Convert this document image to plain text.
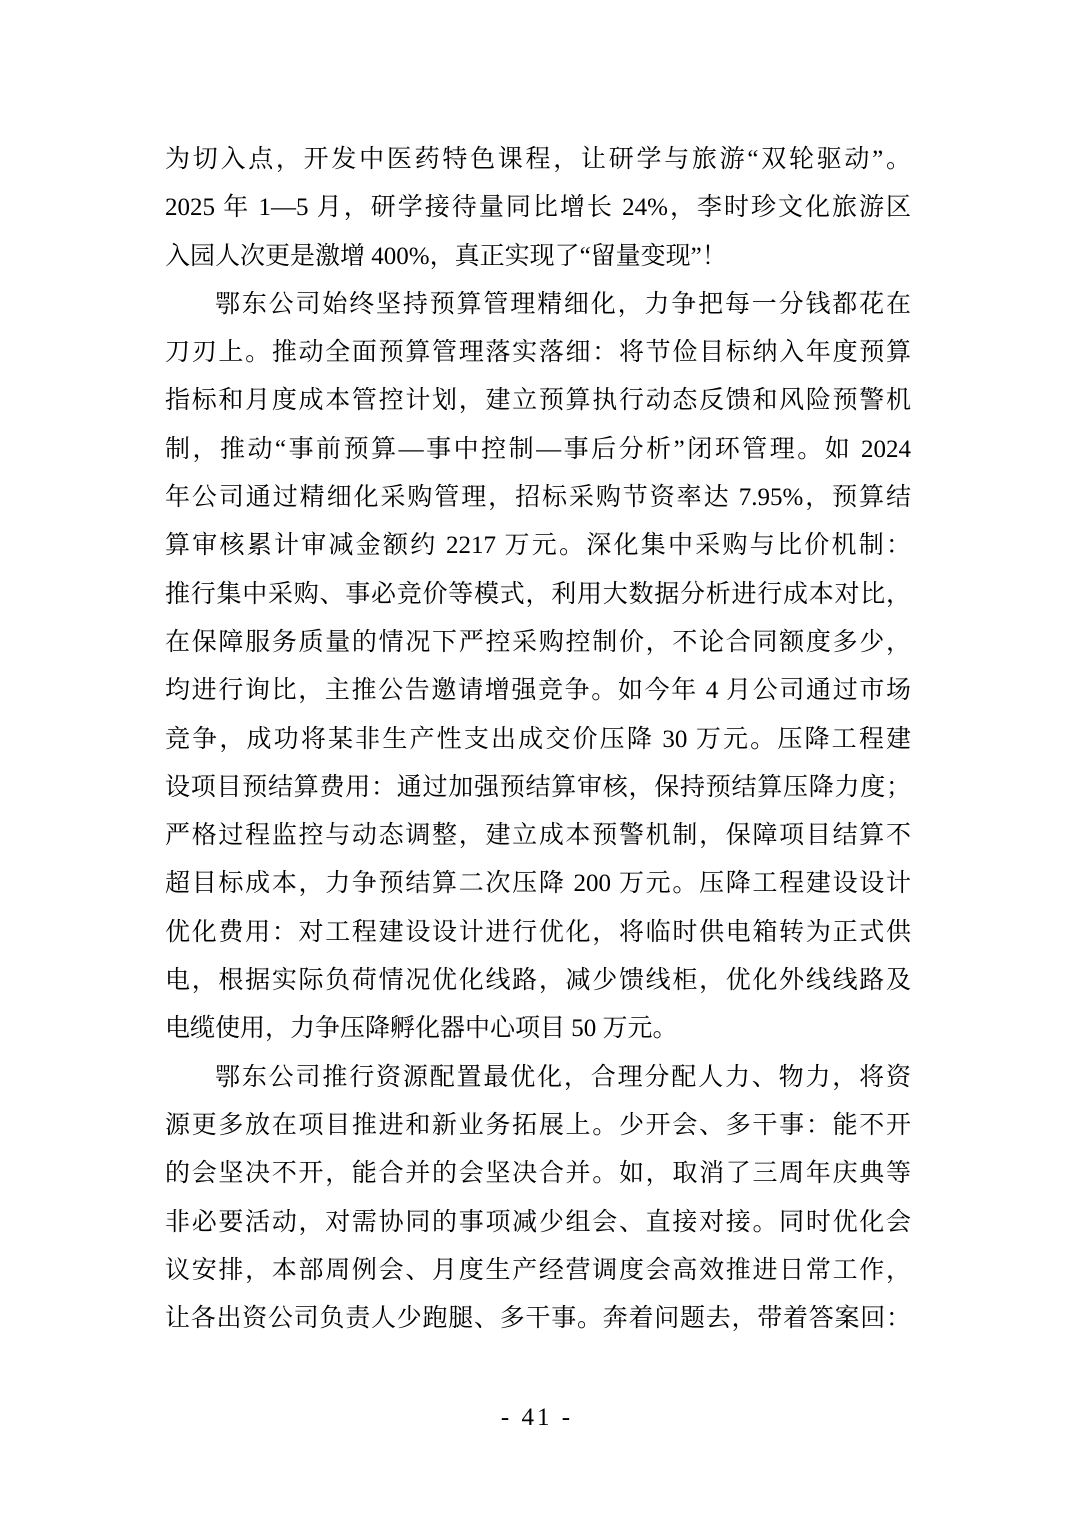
为切入点，开发中医药特色课程，让研学与旅游“双轮驱动”。
2025 年 1—5 月，研学接待量同比增长 24%，李时珍文化旅游区
入园人次更是激增 400%，真正实现了“留量变现”！
鄂东公司始终坚持预算管理精细化，力争把每一分钱都花在
刀刃上。推动全面预算管理落实落细：将节俭目标纳入年度预算
指标和月度成本管控计划，建立预算执行动态反馈和风险预警机
制，推动“事前预算—事中控制—事后分析”闭环管理。如 2024
年公司通过精细化采购管理，招标采购节资率达 7.95%，预算结
算审核累计审减金额约 2217 万元。深化集中采购与比价机制：
推行集中采购、事必竞价等模式，利用大数据分析进行成本对比，
在保障服务质量的情况下严控采购控制价，不论合同额度多少，
均进行询比，主推公告邀请增强竞争。如今年 4 月公司通过市场
竞争，成功将某非生产性支出成交价压降 30 万元。压降工程建
设项目预结算费用：通过加强预结算审核，保持预结算压降力度；
严格过程监控与动态调整，建立成本预警机制，保障项目结算不
超目标成本，力争预结算二次压降 200 万元。压降工程建设设计
优化费用：对工程建设设计进行优化，将临时供电箱转为正式供
电，根据实际负荷情况优化线路，减少馈线柜，优化外线线路及
电缆使用，力争压降孵化器中心项目 50 万元。
鄂东公司推行资源配置最优化，合理分配人力、物力，将资
源更多放在项目推进和新业务拓展上。少开会、多干事：能不开
的会坚决不开，能合并的会坚决合并。如，取消了三周年庆典等
非必要活动，对需协同的事项减少组会、直接对接。同时优化会
议安排，本部周例会、月度生产经营调度会高效推进日常工作，
让各出资公司负责人少跑腿、多干事。奔着问题去，带着答案回：
- 41 -
